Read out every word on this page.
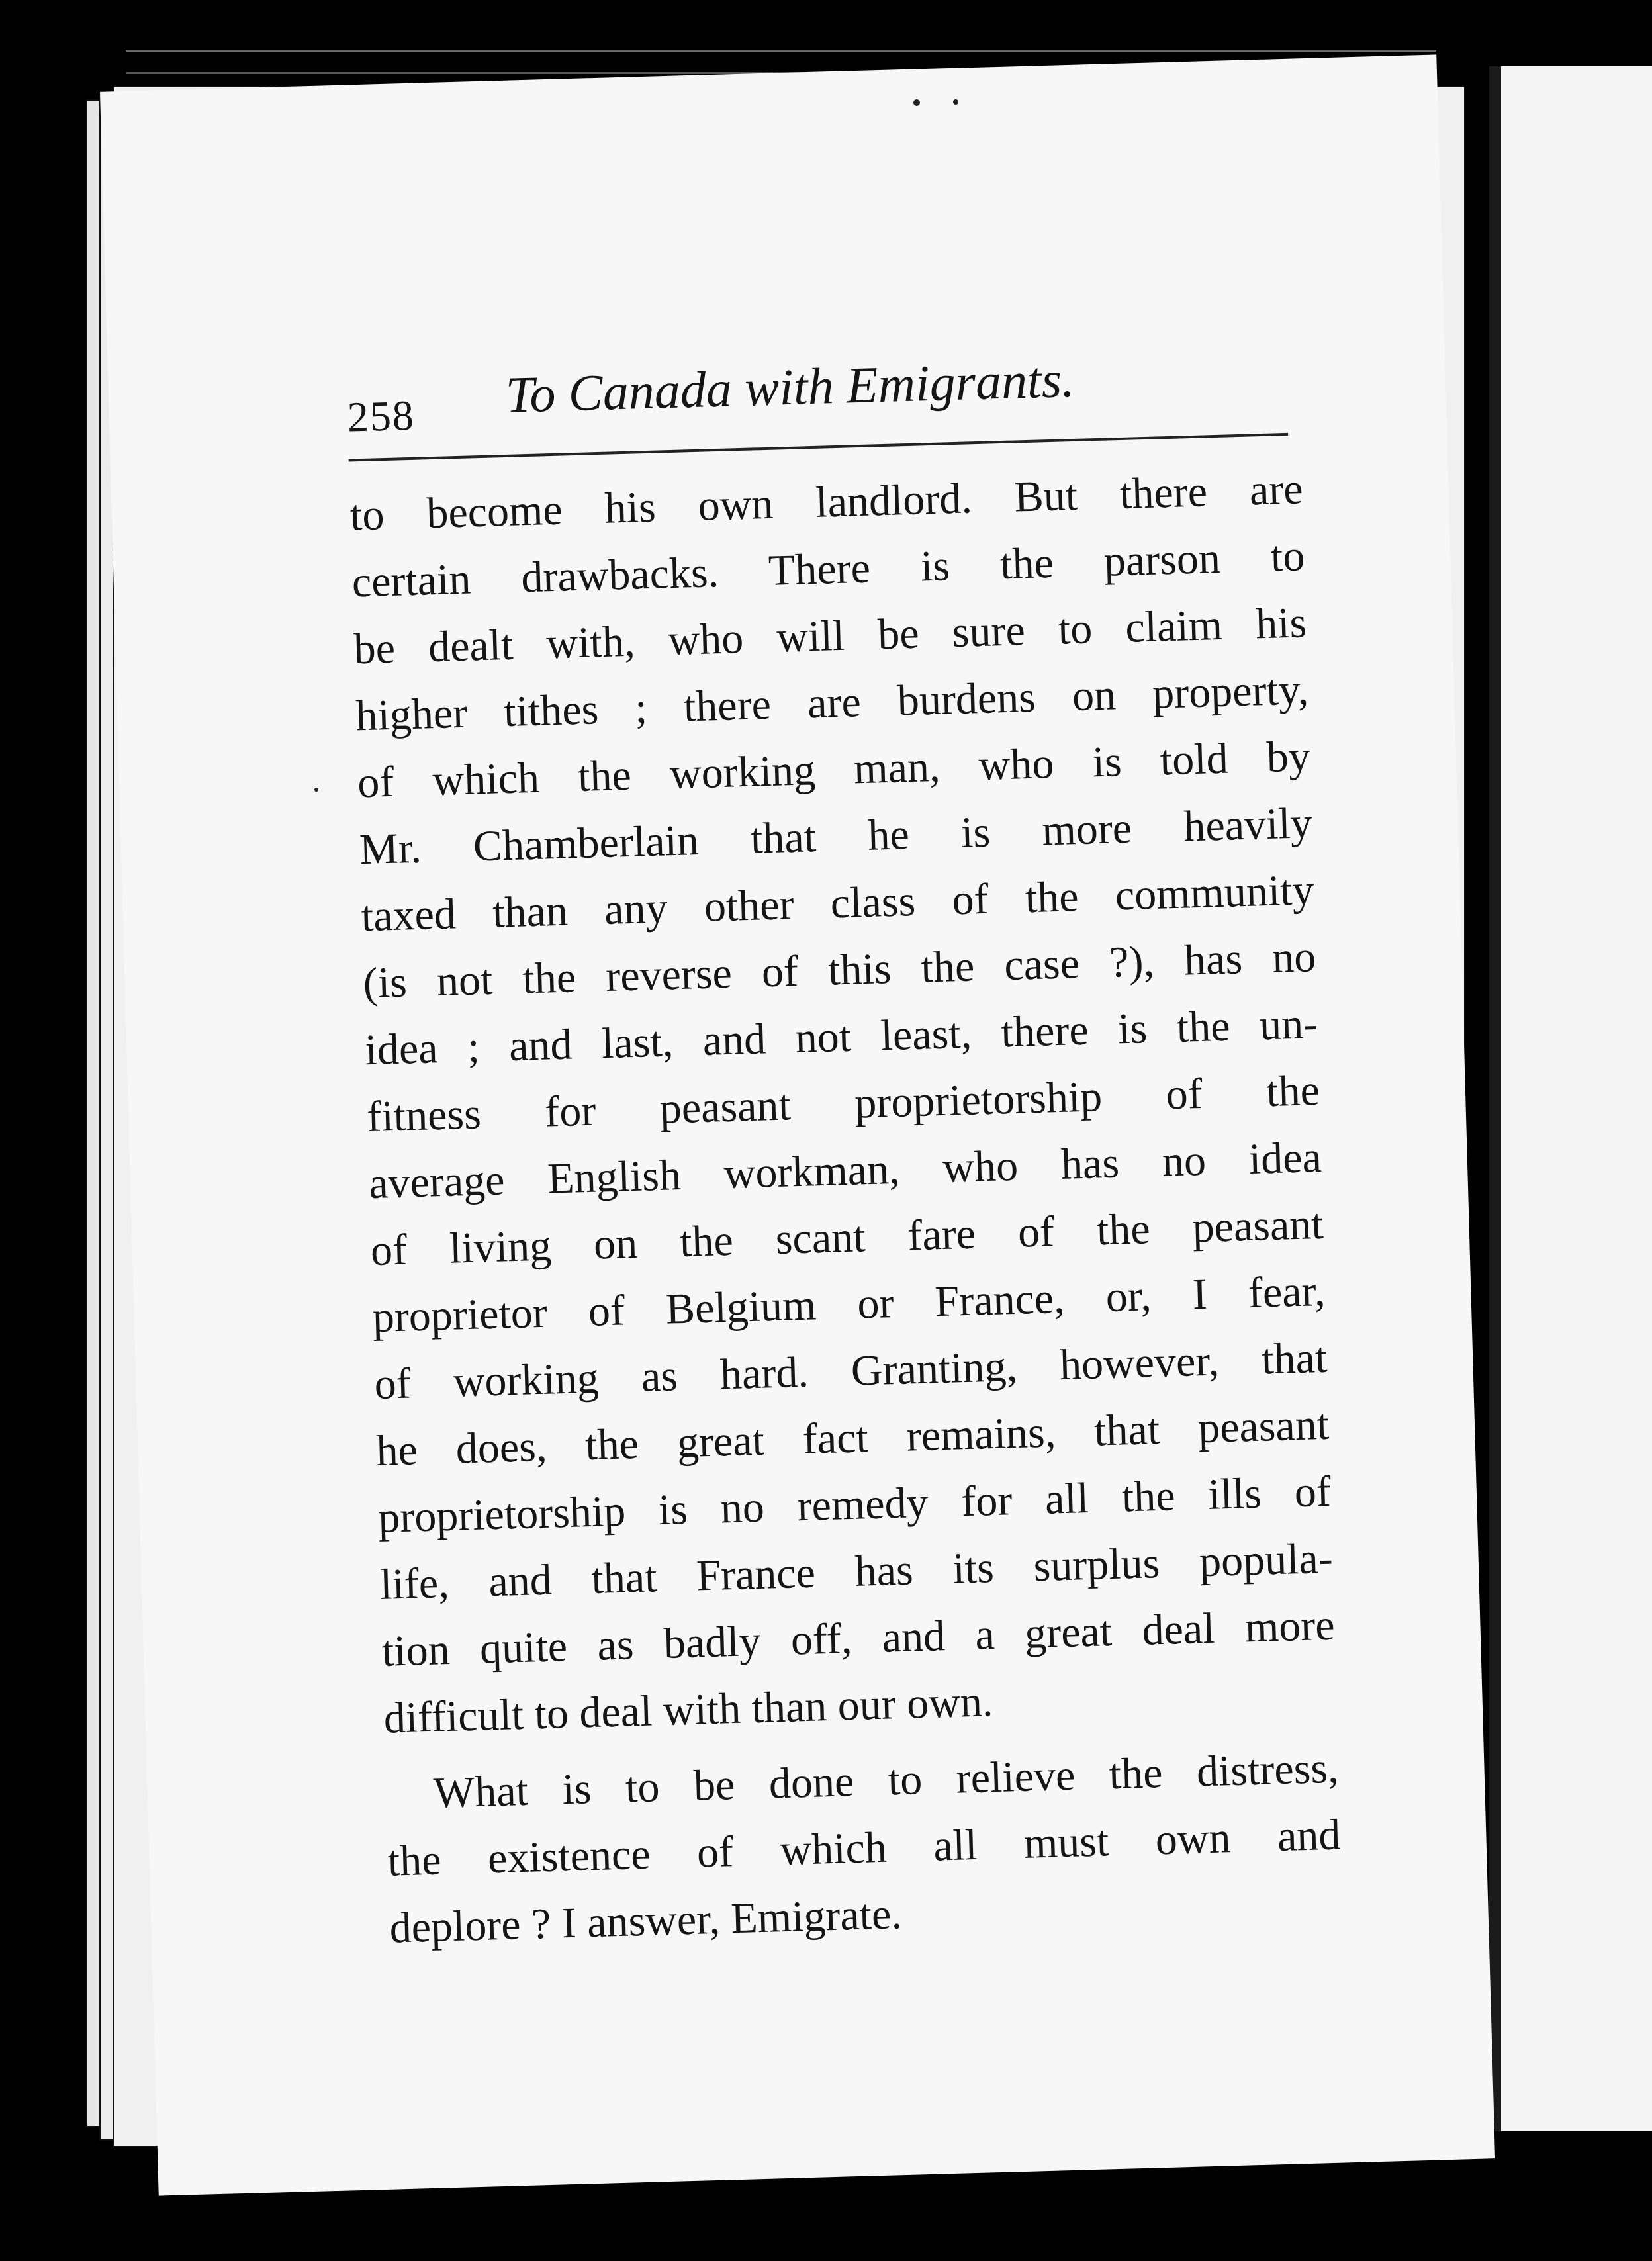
258 To Canada with Emigrants.
to become his own landlord. But there are
certain drawbacks. There is the parson to
be dealt with, who will be sure to claim his
higher tithes ; there are burdens on property,
of which the working man, who is told by
Mr. Chamberlain that he is more heavily
taxed than any other class of the community
(is not the reverse of this the case ?), has no
idea ; and last, and not least, there is the un-
fitness for peasant proprietorship of the
average English workman, who has no idea
of living on the scant fare of the peasant
proprietor of Belgium or France, or, I fear,
of working as hard. Granting, however, that
he does, the great fact remains, that peasant
proprietorship is no remedy for all the ills of
life, and that France has its surplus popula-
tion quite as badly off, and a great deal more
difficult to deal with than our own.
What is to be done to relieve the distress,
the existence of which all must own and
deplore ? I answer, Emigrate.
